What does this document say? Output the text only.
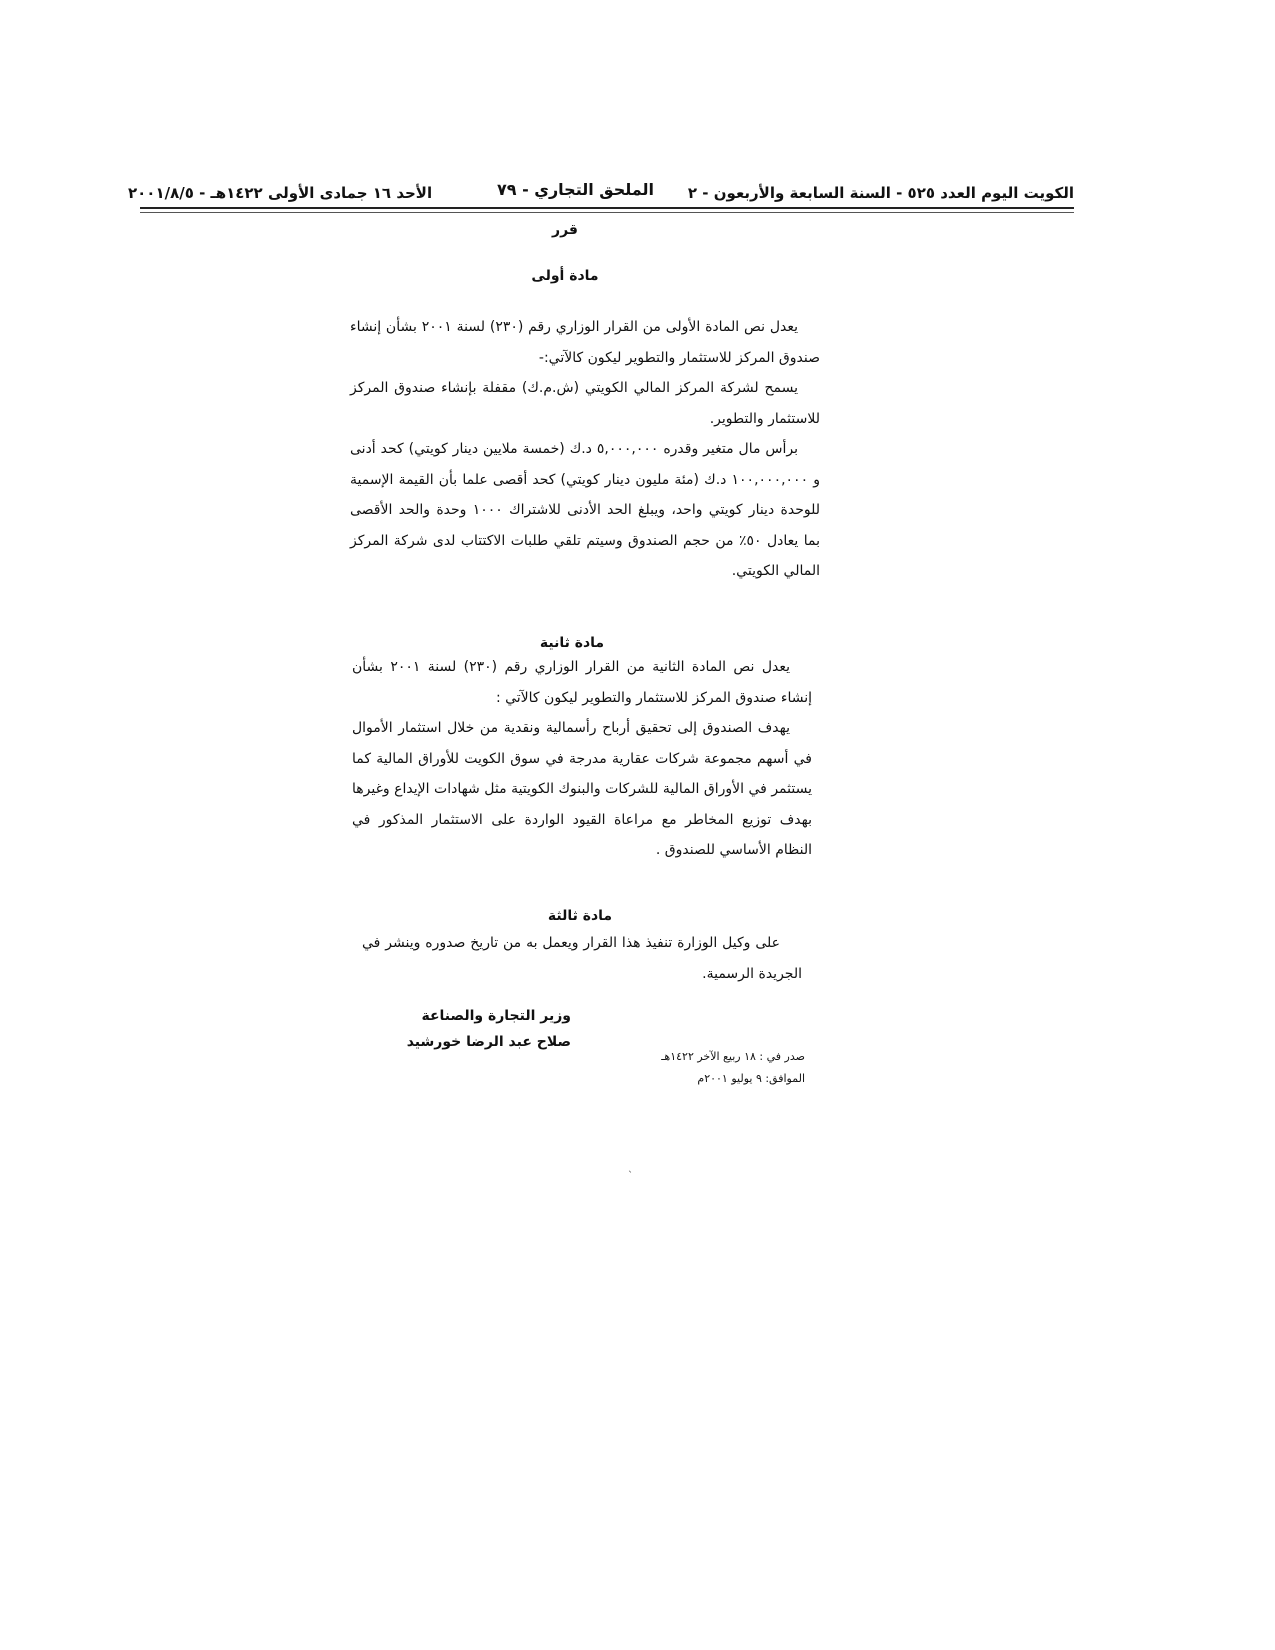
الكويت اليوم العدد ٥٢٥ - السنة السابعة والأربعون - ٢
الملحق التجاري - ٧٩
الأحد ١٦ جمادى الأولى ١٤٢٢هـ - ٢٠٠١/٨/٥
قرر
مادة أولى

يعدل نص المادة الأولى من القرار الوزاري رقم (٢٣٠) لسنة ٢٠٠١ بشأن إنشاء صندوق المركز للاستثمار والتطوير ليكون كالآتي:-

يسمح لشركة المركز المالي الكويتي (ش.م.ك) مقفلة بإنشاء صندوق المركز للاستثمار والتطوير.

برأس مال متغير وقدره ٥,٠٠٠,٠٠٠ د.ك (خمسة ملايين دينار كويتي) كحد أدنى و ١٠٠,٠٠٠,٠٠٠ د.ك (مئة مليون دينار كويتي) كحد أقصى علما بأن القيمة الإسمية للوحدة دينار كويتي واحد، ويبلغ الحد الأدنى للاشتراك ١٠٠٠ وحدة والحد الأقصى بما يعادل ٥٠٪ من حجم الصندوق وسيتم تلقي طلبات الاكتتاب لدى شركة المركز المالي الكويتي.

مادة ثانية

يعدل نص المادة الثانية من القرار الوزاري رقم (٢٣٠) لسنة ٢٠٠١ بشأن إنشاء صندوق المركز للاستثمار والتطوير ليكون كالآتي :

يهدف الصندوق إلى تحقيق أرباح رأسمالية ونقدية من خلال استثمار الأموال في أسهم مجموعة شركات عقارية مدرجة في سوق الكويت للأوراق المالية كما يستثمر في الأوراق المالية للشركات والبنوك الكويتية مثل شهادات الإيداع وغيرها بهدف توزيع المخاطر مع مراعاة القيود الواردة على الاستثمار المذكور في النظام الأساسي للصندوق .

مادة ثالثة

على وكيل الوزارة تنفيذ هذا القرار ويعمل به من تاريخ صدوره وينشر في الجريدة الرسمية.

وزير التجارة والصناعة
صلاح عبد الرضا خورشيد
صدر في : ١٨ ربيع الآخر ١٤٢٢هـ
الموافق: ٩ يوليو ٢٠٠١م
ˎ
